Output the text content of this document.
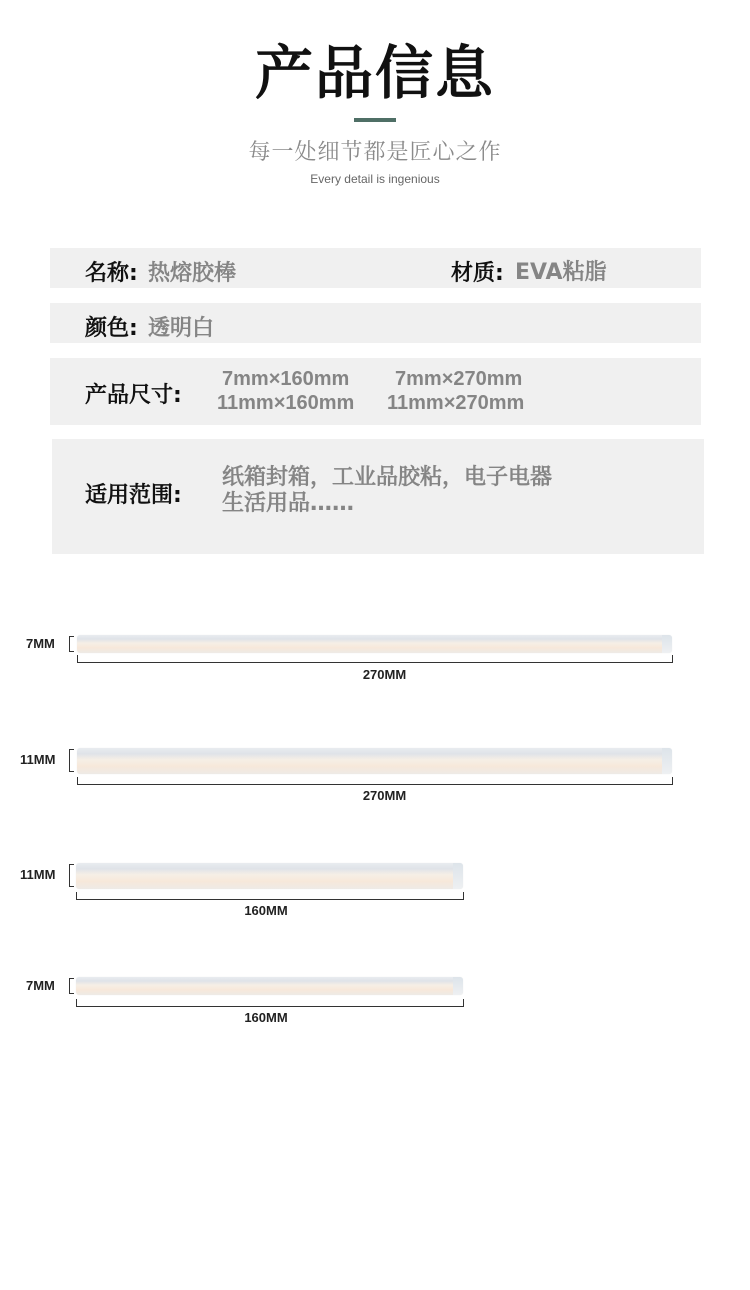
产品信息
每一处细节都是匠心之作
Every detail is ingenious
名称: 热熔胶棒	材质: EVA粘脂
颜色: 透明白
产品尺寸:
7mm×160mm 7mm×270mm
11mm×160mm 11mm×270mm
适用范围:
纸箱封箱，工业品胶粘，电子电器
生活用品……
7MM
270MM
11MM
270MM
11MM
160MM
7MM
160MM
